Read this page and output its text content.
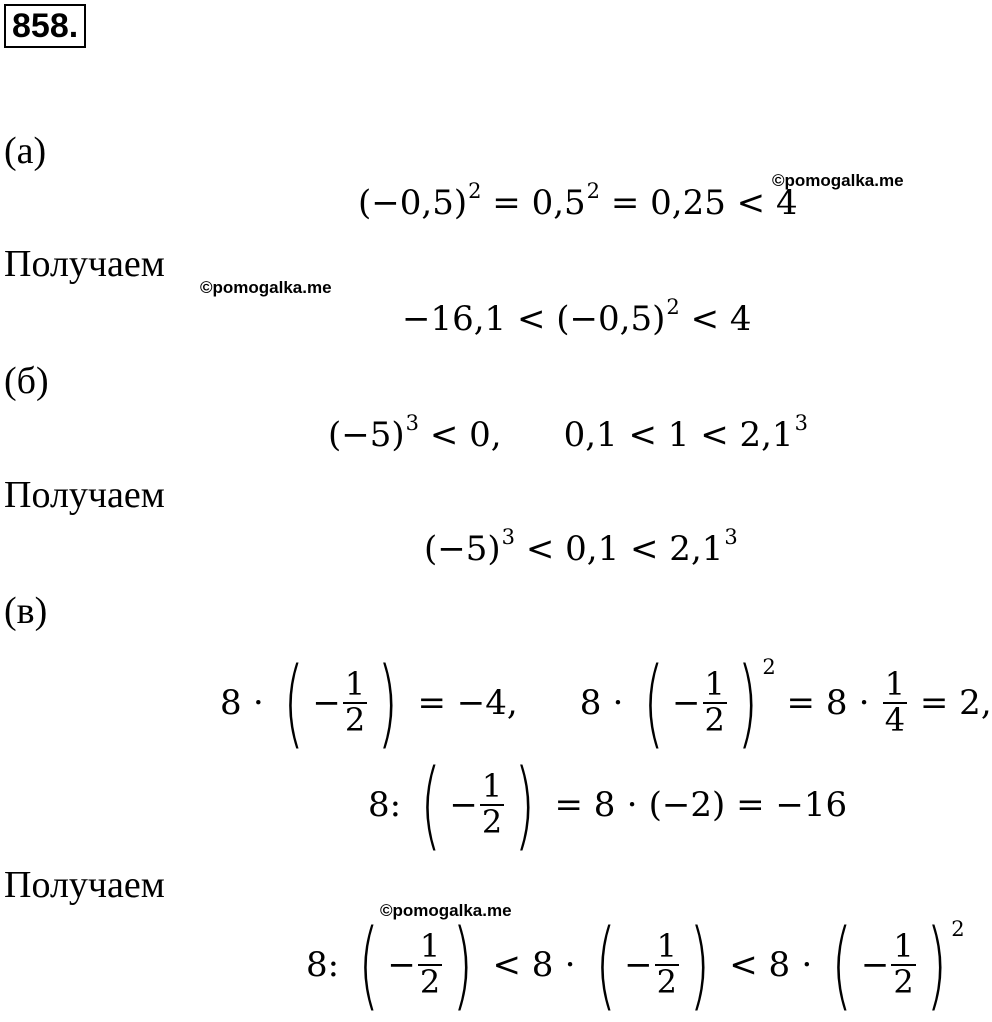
858.
(a)
©pomogalka.me
$(-0,5)^2 = 0,5^2 = 0,25 < 4$
Получаем
©pomogalka.me
$-16,1 < (-0,5)^2 < 4$
(б)
$(-5)^3 < 0$, $0,1 < 1 < 2,1^3$
Получаем
$(-5)^3 < 0,1 < 2,1^3$
(в)
8 ⋅ ( − $\frac{1}{2}$ ) = −4, 8 ⋅ ( − $\frac{1}{2}$ ) 2
= $8 \cdot \frac{1}{4} = 2$,
8: ( − $\frac{1}{2}$ ) = 8 ⋅ (−2) = −16
Получаем
©pomogalka.me
8: ( − $\frac{1}{2}$ ) < 8 ⋅ ( − $\frac{1}{2}$ ) < 8 ⋅ ( − $\frac{1}{2}$ ) 2
